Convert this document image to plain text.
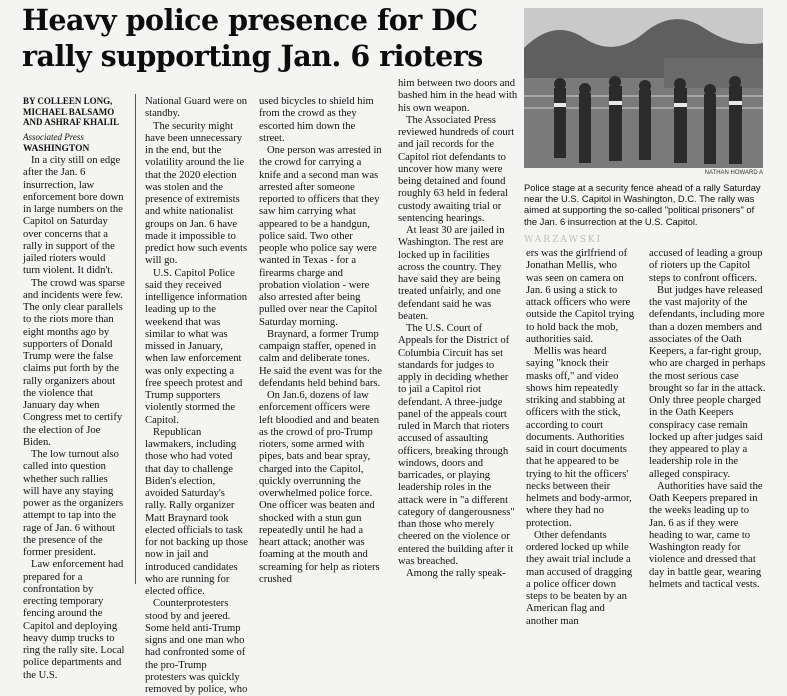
Heavy police presence for DC rally supporting Jan. 6 rioters
BY COLLEEN LONG, MICHAEL BALSAMO AND ASHRAF KHALIL
Associated Press

WASHINGTON

In a city still on edge after the Jan. 6 insurrection, law enforcement bore down in large numbers on the Capitol on Saturday over concerns that a rally in support of the jailed rioters would turn violent. It didn't.

The crowd was sparse and incidents were few. The only clear parallels to the riots more than eight months ago by supporters of Donald Trump were the false claims put forth by the rally organizers about the violence that January day when Congress met to certify the election of Joe Biden.

The low turnout also called into question whether such rallies will have any staying power as the organizers attempt to tap into the rage of Jan. 6 without the presence of the former president.

Law enforcement had prepared for a confrontation by erecting temporary fencing around the Capitol and deploying heavy dump trucks to ring the rally site. Local police departments and the U.S.

National Guard were on standby.

The security might have been unnecessary in the end, but the volatility around the lie that the 2020 election was stolen and the presence of extremists and white nationalist groups on Jan. 6 have made it impossible to predict how such events will go.

U.S. Capitol Police said they received intelligence information leading up to the weekend that was similar to what was missed in January, when law enforcement was only expecting a free speech protest and Trump supporters violently stormed the Capitol.

Republican lawmakers, including those who had voted that day to challenge Biden's election, avoided Saturday's rally. Rally organizer Matt Braynard took elected officials to task for not backing up those now in jail and introduced candidates who are running for elected office.

Counterprotesters stood by and jeered. Some held anti-Trump signs and one man who had confronted some of the pro-Trump protesters was quickly removed by police, who

used bicycles to shield him from the crowd as they escorted him down the street.

One person was arrested in the crowd for carrying a knife and a second man was arrested after someone reported to officers that they saw him carrying what appeared to be a handgun, police said. Two other people who police say were wanted in Texas - for a firearms charge and probation violation - were also arrested after being pulled over near the Capitol Saturday morning.

Braynard, a former Trump campaign staffer, opened in calm and deliberate tones. He said the event was for the defendants held behind bars.

On Jan.6, dozens of law enforcement officers were left bloodied and and beaten as the crowd of pro-Trump rioters, some armed with pipes, bats and bear spray, charged into the Capitol, quickly overrunning the overwhelmed police force. One officer was beaten and shocked with a stun gun repeatedly until he had a heart attack; another was foaming at the mouth and screaming for help as rioters crushed

him between two doors and bashed him in the head with his own weapon.

The Associated Press reviewed hundreds of court and jail records for the Capitol riot defendants to uncover how many were being detained and found roughly 63 held in federal custody awaiting trial or sentencing hearings.

At least 30 are jailed in Washington. The rest are locked up in facilities across the country. They have said they are being treated unfairly, and one defendant said he was beaten.

The U.S. Court of Appeals for the District of Columbia Circuit has set standards for judges to apply in deciding whether to jail a Capitol riot defendant. A three-judge panel of the appeals court ruled in March that rioters accused of assaulting officers, breaking through windows, doors and barricades, or playing leadership roles in the attack were in "a different category of dangerousness" than those who merely cheered on the violence or entered the building after it was breached.

Among the rally speak-

NATHAN HOWARD A
Police stage at a security fence ahead of a rally Saturday near the U.S. Capitol in Washington, D.C. The rally was aimed at supporting the so-called "political prisoners" of the Jan. 6 insurrection at the U.S. Capitol.
WARZAWSKI

ers was the girlfriend of Jonathan Mellis, who was seen on camera on Jan. 6 using a stick to attack officers who were outside the Capitol trying to hold back the mob, authorities said.

Mellis was heard saying "knock their masks off," and video shows him repeatedly striking and stabbing at officers with the stick, according to court documents. Authorities said in court documents that he appeared to be trying to hit the officers' necks between their helmets and body-armor, where they had no protection.

Other defendants ordered locked up while they await trial include a man accused of dragging a police officer down steps to be beaten by an American flag and another man

accused of leading a group of rioters up the Capitol steps to confront officers.

But judges have released the vast majority of the defendants, including more than a dozen members and associates of the Oath Keepers, a far-right group, who are charged in perhaps the most serious case brought so far in the attack. Only three people charged in the Oath Keepers conspiracy case remain locked up after judges said they appeared to play a leadership role in the alleged conspiracy.

Authorities have said the Oath Keepers prepared in the weeks leading up to Jan. 6 as if they were heading to war, came to Washington ready for violence and dressed that day in battle gear, wearing helmets and tactical vests.
